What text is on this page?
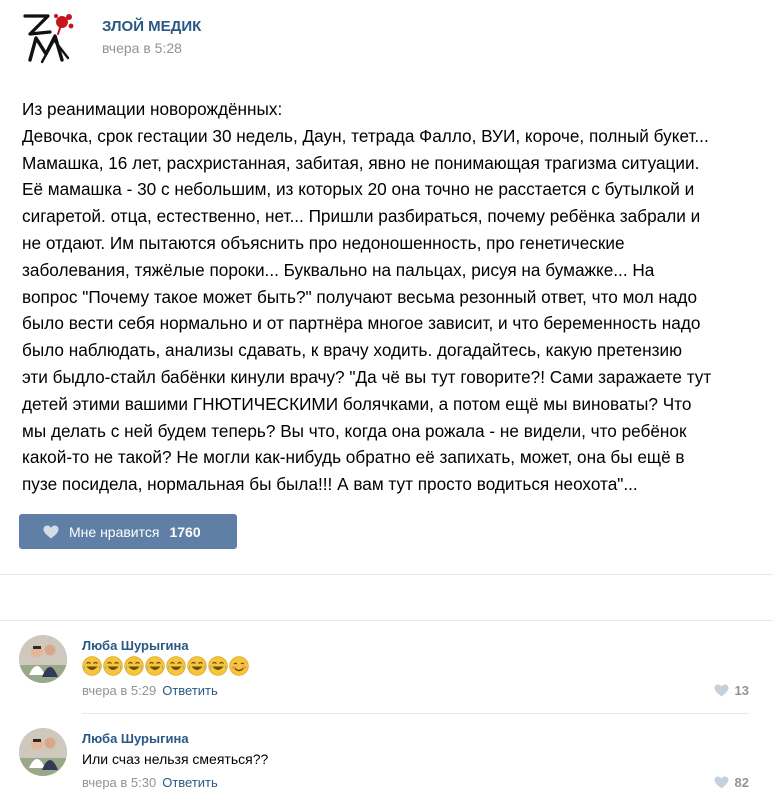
ЗЛОЙ МЕДИК
вчера в 5:28
Из реанимации новорождённых:
Девочка, срок гестации 30 недель, Даун, тетрада Фалло, ВУИ, короче, полный букет...
Мамашка, 16 лет, расхристанная, забитая, явно не понимающая трагизма ситуации.
Её мамашка - 30 с небольшим, из которых 20 она точно не расстается с бутылкой и
сигаретой. отца, естественно, нет... Пришли разбираться, почему ребёнка забрали и
не отдают. Им пытаются объяснить про недоношенность, про генетические
заболевания, тяжёлые пороки... Буквально на пальцах, рисуя на бумажке... На
вопрос "Почему такое может быть?" получают весьма резонный ответ, что мол надо
было вести себя нормально и от партнёра многое зависит, и что беременность надо
было наблюдать, анализы сдавать, к врачу ходить. догадайтесь, какую претензию
эти быдло-стайл бабёнки кинули врачу? "Да чё вы тут говорите?! Сами заражаете тут
детей этими вашими ГНЮТИЧЕСКИМИ болячками, а потом ещё мы виноваты? Что
мы делать с ней будем теперь? Вы что, когда она рожала - не видели, что ребёнок
какой-то не такой? Не могли как-нибудь обратно её запихать, может, она бы ещё в
пузе посидела, нормальная бы была!!! А вам тут просто водиться неохота"...
Мне нравится 1760
Люба Шурыгина
вчера в 5:29 Ответить	13
Люба Шурыгина
Или счаз нельзя смеяться??
вчера в 5:30 Ответить	82
